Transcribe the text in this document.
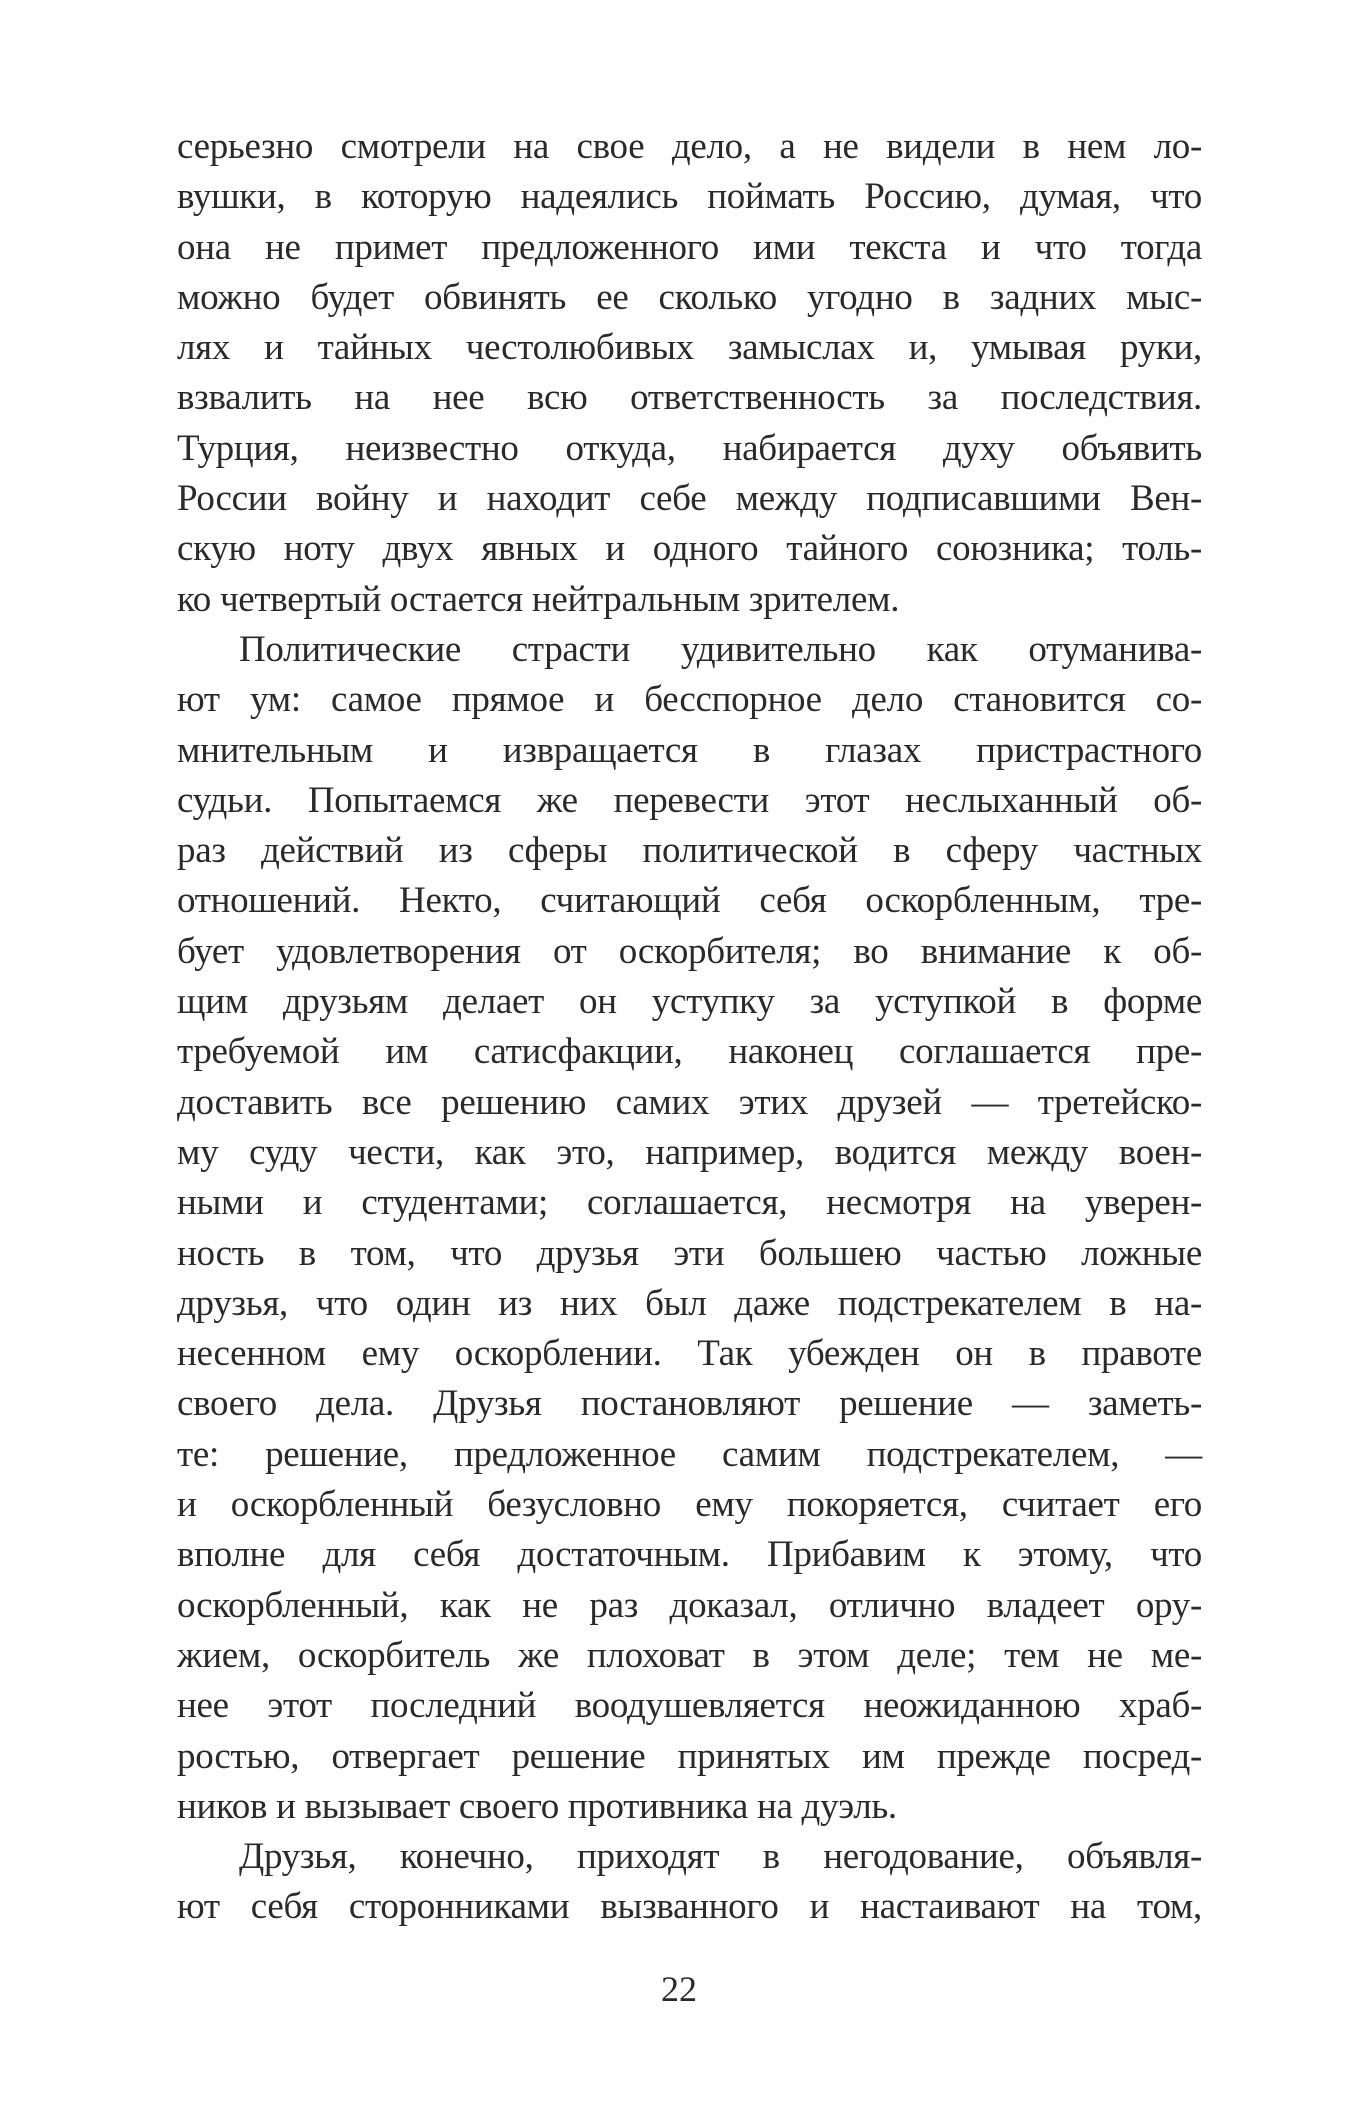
серьезно смотрели на свое дело, а не видели в нем ло-
вушки, в которую надеялись поймать Россию, думая, что
она не примет предложенного ими текста и что тогда
можно будет обвинять ее сколько угодно в задних мыс-
лях и тайных честолюбивых замыслах и, умывая руки,
взвалить на нее всю ответственность за последствия.
Турция, неизвестно откуда, набирается духу объявить
России войну и находит себе между подписавшими Вен-
скую ноту двух явных и одного тайного союзника; толь-
ко четвертый остается нейтральным зрителем.
Политические страсти удивительно как отуманива-
ют ум: самое прямое и бесспорное дело становится со-
мнительным и извращается в глазах пристрастного
судьи. Попытаемся же перевести этот неслыханный об-
раз действий из сферы политической в сферу частных
отношений. Некто, считающий себя оскорбленным, тре-
бует удовлетворения от оскорбителя; во внимание к об-
щим друзьям делает он уступку за уступкой в форме
требуемой им сатисфакции, наконец соглашается пре-
доставить все решению самих этих друзей — третейско-
му суду чести, как это, например, водится между воен-
ными и студентами; соглашается, несмотря на уверен-
ность в том, что друзья эти большею частью ложные
друзья, что один из них был даже подстрекателем в на-
несенном ему оскорблении. Так убежден он в правоте
своего дела. Друзья постановляют решение — заметь-
те: решение, предложенное самим подстрекателем, —
и оскорбленный безусловно ему покоряется, считает его
вполне для себя достаточным. Прибавим к этому, что
оскорбленный, как не раз доказал, отлично владеет ору-
жием, оскорбитель же плоховат в этом деле; тем не ме-
нее этот последний воодушевляется неожиданною храб-
ростью, отвергает решение принятых им прежде посред-
ников и вызывает своего противника на дуэль.
Друзья, конечно, приходят в негодование, объявля-
ют себя сторонниками вызванного и настаивают на том,
22
